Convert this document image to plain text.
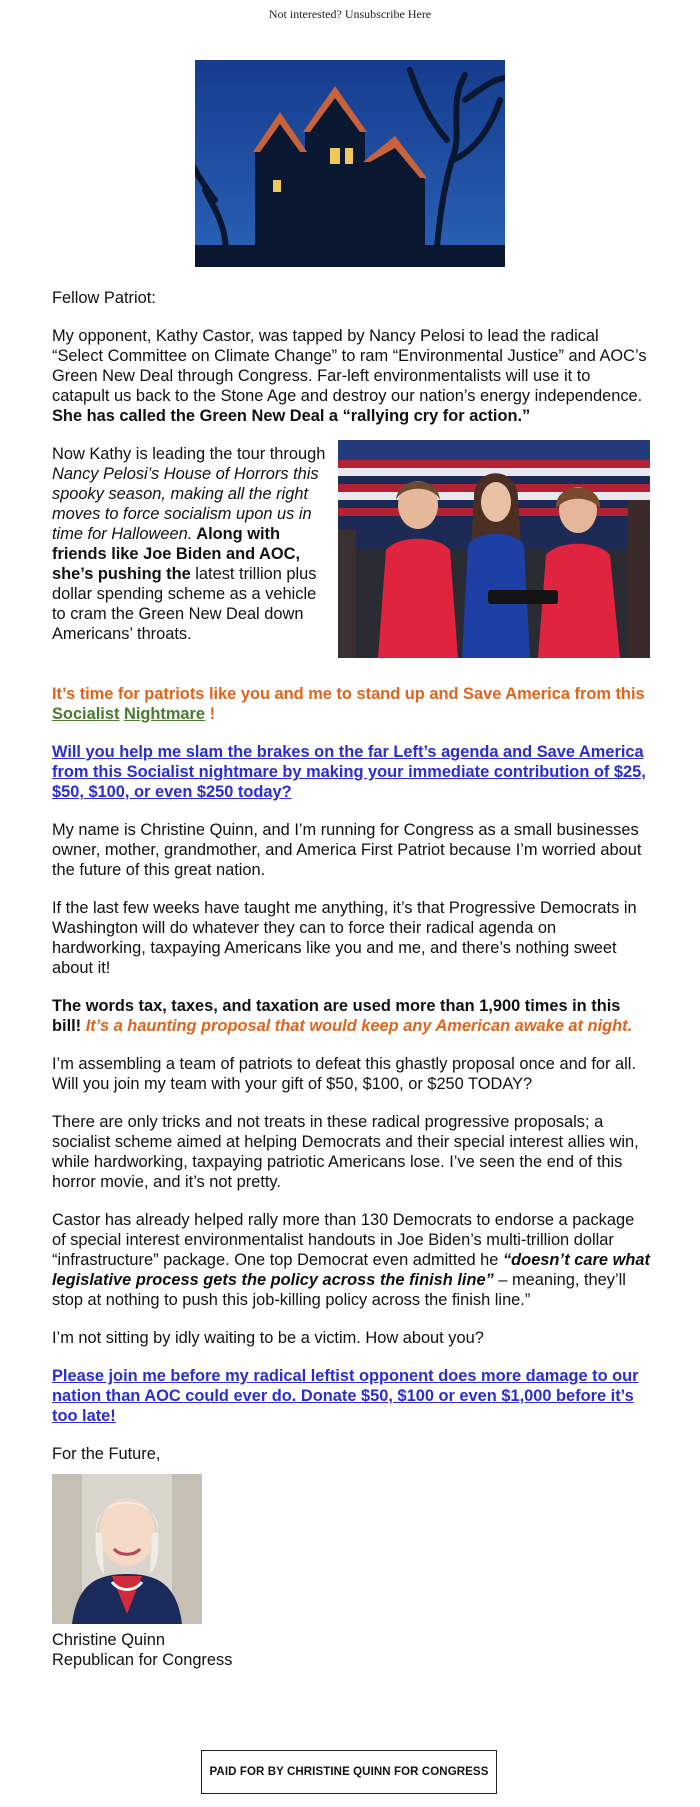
Not interested? Unsubscribe Here

Fellow Patriot:

My opponent, Kathy Castor, was tapped by Nancy Pelosi to lead the radical “Select Committee on Climate Change” to ram “Environmental Justice” and AOC’s Green New Deal through Congress. Far-left environmentalists will use it to catapult us back to the Stone Age and destroy our nation’s energy independence. She has called the Green New Deal a “rallying cry for action.”

Now Kathy is leading the tour through Nancy Pelosi’s House of Horrors this spooky season, making all the right moves to force socialism upon us in time for Halloween. Along with friends like Joe Biden and AOC, she’s pushing the latest trillion plus dollar spending scheme as a vehicle to cram the Green New Deal down Americans’ throats.

It’s time for patriots like you and me to stand up and Save America from this Socialist Nightmare !

Will you help me slam the brakes on the far Left’s agenda and Save America from this Socialist nightmare by making your immediate contribution of $25, $50, $100, or even $250 today?

My name is Christine Quinn, and I’m running for Congress as a small businesses owner, mother, grandmother, and America First Patriot because I’m worried about the future of this great nation.

If the last few weeks have taught me anything, it’s that Progressive Democrats in Washington will do whatever they can to force their radical agenda on hardworking, taxpaying Americans like you and me, and there’s nothing sweet about it!

The words tax, taxes, and taxation are used more than 1,900 times in this bill! It’s a haunting proposal that would keep any American awake at night.

I’m assembling a team of patriots to defeat this ghastly proposal once and for all. Will you join my team with your gift of $50, $100, or $250 TODAY?

There are only tricks and not treats in these radical progressive proposals; a socialist scheme aimed at helping Democrats and their special interest allies win, while hardworking, taxpaying patriotic Americans lose. I’ve seen the end of this horror movie, and it’s not pretty.

Castor has already helped rally more than 130 Democrats to endorse a package of special interest environmentalist handouts in Joe Biden’s multi-trillion dollar “infrastructure” package. One top Democrat even admitted he “doesn’t care what legislative process gets the policy across the finish line” – meaning, they’ll stop at nothing to push this job-killing policy across the finish line.”

I’m not sitting by idly waiting to be a victim. How about you?

Please join me before my radical leftist opponent does more damage to our nation than AOC could ever do. Donate $50, $100 or even $1,000 before it’s too late!

For the Future,

Christine Quinn

Republican for Congress

PAID FOR BY CHRISTINE QUINN FOR CONGRESS
